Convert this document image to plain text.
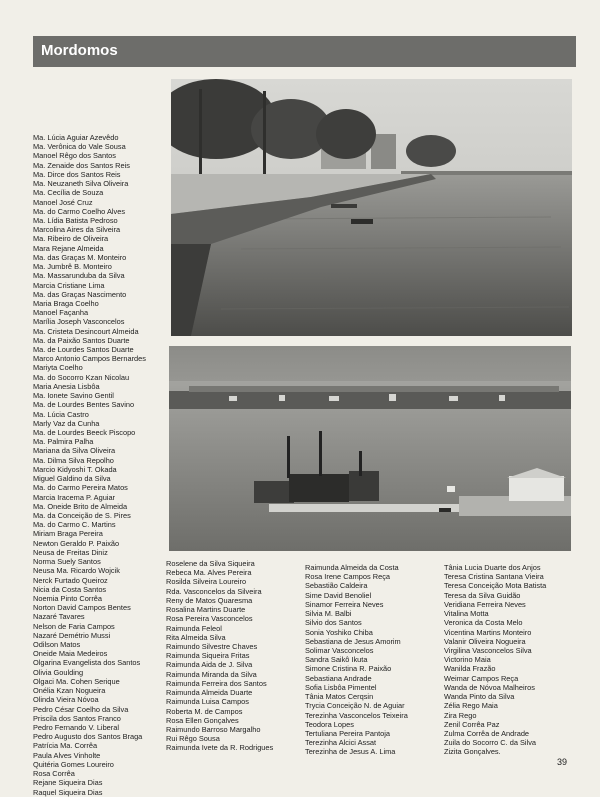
Mordomos
Ma. Lúcia Aguiar Azevêdo
Ma. Verônica do Vale Sousa
Manoel Rêgo dos Santos
Ma. Zenaide dos Santos Reis
Ma. Dirce dos Santos Reis
Ma. Neuzaneth Silva Oliveira
Ma. Cecília de Souza
Manoel José Cruz
Ma. do Carmo Coelho Alves
Ma. Lídia Batista Pedroso
Marcolina Aires da Silveira
Ma. Ribeiro de Oliveira
Mara Rejane Almeida
Ma. das Graças M. Monteiro
Ma. Jumbrê B. Monteiro
Ma. Massarunduba da Silva
Marcia Cristiane Lima
Ma. das Graças Nascimento
Maria Braga Coelho
Manoel Façanha
Marília Joseph Vasconcelos
Ma. Cristeta Desincourt Almeida
Ma. da Paixão Santos Duarte
Ma. de Lourdes Santos Duarte
Marco Antonio Campos Bernardes
Mariyta Coelho
Ma. do Socorro Kzan Nicolau
Maria Anesia Lisbôa
Ma. Ionete Savino Gentil
Ma. de Lourdes Bentes Savino
Ma. Lúcia Castro
Marly Vaz da Cunha
Ma. de Lourdes Beeck Piscopo
Ma. Palmira Palha
Mariana da Silva Oliveira
Ma. Dilma Silva Repolho
Marcio Kidyoshi T. Okada
Miguel Galdino da Silva
Ma. do Carmo Pereira Matos
Marcia Iracema P. Aguiar
Ma. Oneide Brito de Almeida
Ma. da Conceição de S. Pires
Ma. do Carmo C. Martins
Miriam Braga Pereira
Newton Geraldo P. Paixão
Neusa de Freitas Diniz
Norma Suely Santos
Neusa Ma. Ricardo Wojcik
Nerck Furtado Queiroz
Nicia da Costa Santos
Noemia Pinto Corrêa
Norton David Campos Bentes
Nazaré Tavares
Nelson de Faria Campos
Nazaré Demétrio Mussi
Odilson Matos
Oneide Maia Medeiros
Olgarina Evangelista dos Santos
Olivia Goulding
Olgaci Ma. Cohen Serique
Onélia Kzan Nogueira
Olinda Vieira Nóvoa
Pedro César Coelho da Silva
Priscila dos Santos Franco
Pedro Fernando V. Liberal
Pedro Augusto dos Santos Braga
Patrícia Ma. Corrêa
Paula Alves Vinholte
Quitéria Gomes Loureiro
Rosa Corrêa
Rejane Siqueira Dias
Raquel Siqueira Dias
Roselene da Silva Siqueira
Rebeca Ma. Alves Pereira
Rosilda Silveira Loureiro
Rda. Vasconcelos da Silveira
Reny de Matos Quaresma
Rosalina Martins Duarte
Rosa Pereira Vasconcelos
Raimunda Feleol
Rita Almeida Silva
Raimundo Silvestre Chaves
Raimunda Siqueira Fritas
Raimunda Aida de J. Silva
Raimunda Miranda da Silva
Raimunda Ferreira dos Santos
Raimunda Almeida Duarte
Raimunda Luisa Campos
Roberta M. de Campos
Rosa Ellen Gonçalves
Raimundo Barroso Margalho
Rui Rêgo Sousa
Raimunda Ivete da R. Rodrigues
Raimunda Almeida da Costa
Rosa Irene Campos Reça
Sebastião Caldeira
Sime David Benoliel
Sinamor Ferreira Neves
Silvia M. Balbi
Silvio dos Santos
Sonia Yoshiko Chiba
Sebastiana de Jesus Amorim
Solimar Vasconcelos
Sandra Saikô Ikuta
Simone Cristina R. Paixão
Sebastiana Andrade
Sofia Lisbôa Pimentel
Tânia Matos Cerqsin
Trycia Conceição N. de Aguiar
Terezinha Vasconcelos Teixeira
Teodora Lopes
Tertuliana Pereira Pantoja
Terezinha Alcici Assat
Terezinha de Jesus A. Lima
Tânia Lucia Duarte dos Anjos
Teresa Cristina Santana Vieira
Teresa Conceição Mota Batista
Teresa da Silva Guidão
Veridiana Ferreira Neves
Vitalina Motta
Veronica da Costa Melo
Vicentina Martins Monteiro
Valanir Oliveira Nogueira
Virgilina Vasconcelos Silva
Victorino Maia
Wanilda Frazão
Weimar Campos Reça
Wanda de Nóvoa Malheiros
Wanda Pinto da Silva
Zélia Rego Maia
Zira Rego
Zenil Corrêa Paz
Zulma Corrêa de Andrade
Zuila do Socorro C. da Silva
Zizita Gonçalves.
39
